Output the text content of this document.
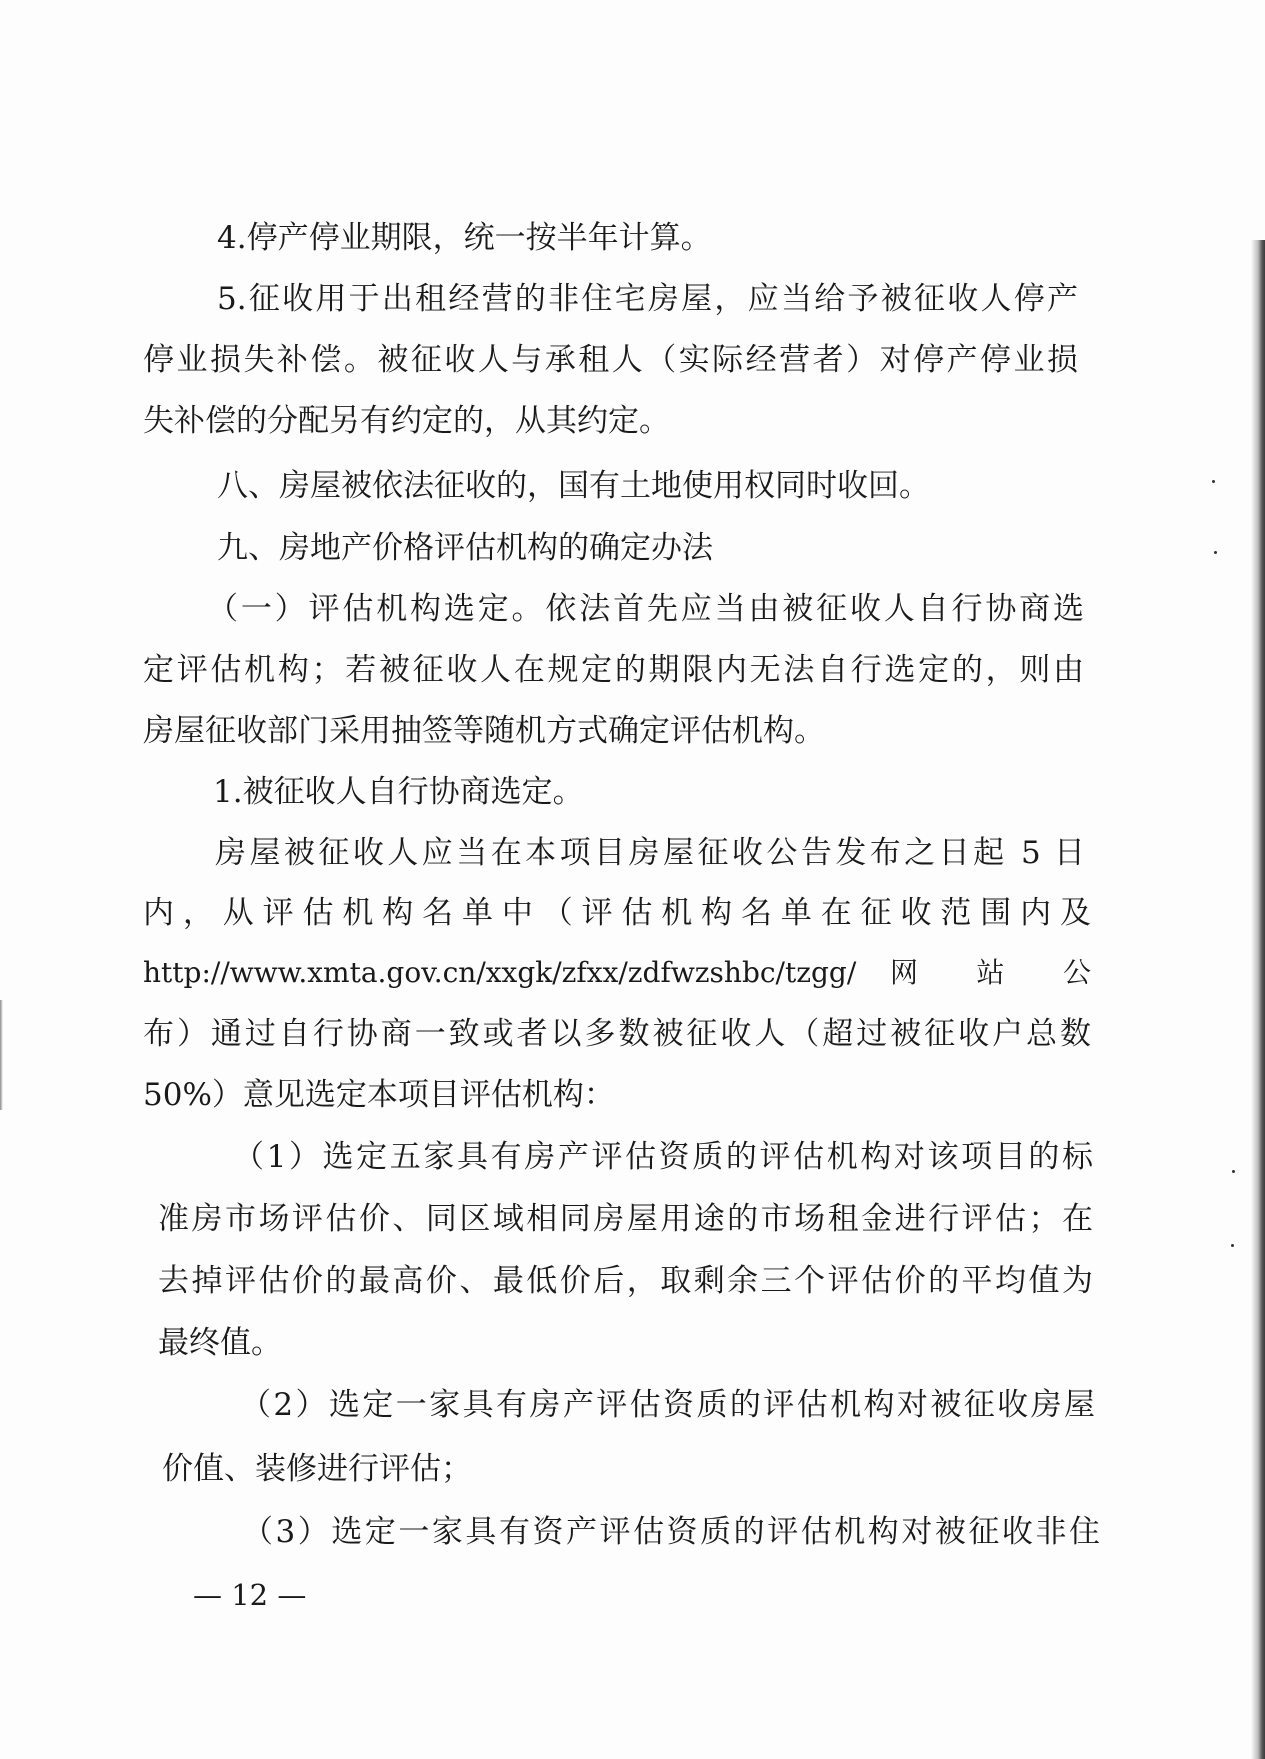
4.停产停业期限，统一按半年计算。
5.征收用于出租经营的非住宅房屋，应当给予被征收人停产
停业损失补偿。被征收人与承租人（实际经营者）对停产停业损
失补偿的分配另有约定的，从其约定。
八、房屋被依法征收的，国有土地使用权同时收回。
九、房地产价格评估机构的确定办法
（一）评估机构选定。依法首先应当由被征收人自行协商选
定评估机构；若被征收人在规定的期限内无法自行选定的，则由
房屋征收部门采用抽签等随机方式确定评估机构。
1.被征收人自行协商选定。
房屋被征收人应当在本项目房屋征收公告发布之日起 5 日
内，从评估机构名单中（评估机构名单在征收范围内及
http://www.xmta.gov.cn/xxgk/zfxx/zdfwzshbc/tzgg/ 网 站 公
布）通过自行协商一致或者以多数被征收人（超过被征收户总数
50%）意见选定本项目评估机构：
（1）选定五家具有房产评估资质的评估机构对该项目的标
准房市场评估价、同区域相同房屋用途的市场租金进行评估；在
去掉评估价的最高价、最低价后，取剩余三个评估价的平均值为
最终值。
（2）选定一家具有房产评估资质的评估机构对被征收房屋
价值、装修进行评估；
（3）选定一家具有资产评估资质的评估机构对被征收非住
— 12 —
